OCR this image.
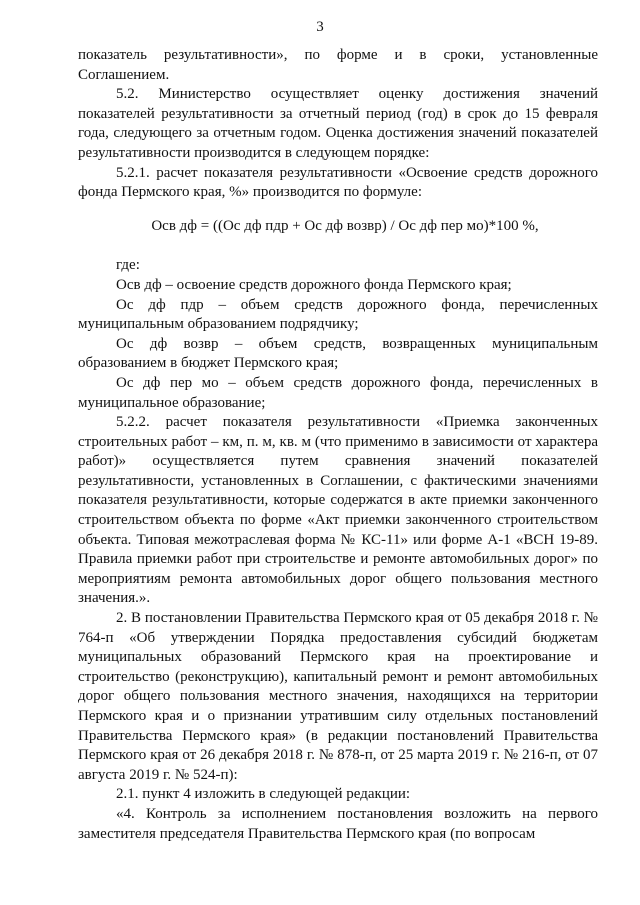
3

показатель результативности», по форме и в сроки, установленные Соглашением.

5.2. Министерство осуществляет оценку достижения значений показателей результативности за отчетный период (год) в срок до 15 февраля года, следующего за отчетным годом. Оценка достижения значений показателей результативности производится в следующем порядке:

5.2.1. расчет показателя результативности «Освоение средств дорожного фонда Пермского края, %» производится по формуле:

Осв дф = ((Ос дф пдр + Ос дф возвр) / Ос дф пер мо)*100 %,

где:

Осв дф – освоение средств дорожного фонда Пермского края;

Ос дф пдр – объем средств дорожного фонда, перечисленных муниципальным образованием подрядчику;

Ос дф возвр – объем средств, возвращенных муниципальным образованием в бюджет Пермского края;

Ос дф пер мо – объем средств дорожного фонда, перечисленных в муниципальное образование;

5.2.2. расчет показателя результативности «Приемка законченных строительных работ – км, п. м, кв. м (что применимо в зависимости от характера работ)» осуществляется путем сравнения значений показателей результативности, установленных в Соглашении, с фактическими значениями показателя результативности, которые содержатся в акте приемки законченного строительством объекта по форме «Акт приемки законченного строительством объекта. Типовая межотраслевая форма № КС-11» или форме А-1 «ВСН 19-89. Правила приемки работ при строительстве и ремонте автомобильных дорог» по мероприятиям ремонта автомобильных дорог общего пользования местного значения.».

2. В постановлении Правительства Пермского края от 05 декабря 2018 г. № 764-п «Об утверждении Порядка предоставления субсидий бюджетам муниципальных образований Пермского края на проектирование и строительство (реконструкцию), капитальный ремонт и ремонт автомобильных дорог общего пользования местного значения, находящихся на территории Пермского края и о признании утратившим силу отдельных постановлений Правительства Пермского края» (в редакции постановлений Правительства Пермского края от 26 декабря 2018 г. № 878-п, от 25 марта 2019 г. № 216-п, от 07 августа 2019 г. № 524-п):

2.1. пункт 4 изложить в следующей редакции:

«4. Контроль за исполнением постановления возложить на первого заместителя председателя Правительства Пермского края (по вопросам
